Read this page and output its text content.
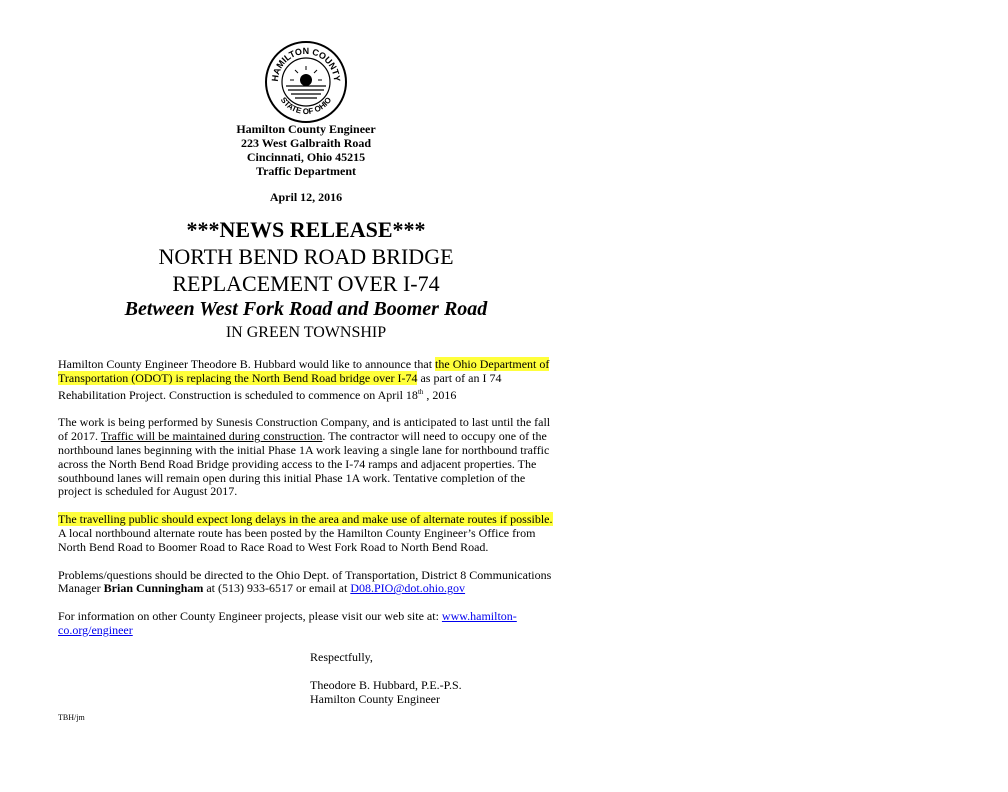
HAMILTON COUNTY
STATE OF OHIO
Hamilton County Engineer
223 West Galbraith Road
Cincinnati, Ohio 45215
Traffic Department
April 12, 2016
***NEWS RELEASE***
NORTH BEND ROAD BRIDGE
REPLACEMENT OVER I-74
Between West Fork Road and Boomer Road
IN GREEN TOWNSHIP

Hamilton County Engineer Theodore B. Hubbard would like to announce that the Ohio Department of Transportation (ODOT) is replacing the North Bend Road bridge over I-74 as part of an I 74 Rehabilitation Project. Construction is scheduled to commence on April 18th , 2016

The work is being performed by Sunesis Construction Company, and is anticipated to last until the fall of 2017. Traffic will be maintained during construction. The contractor will need to occupy one of the northbound lanes beginning with the initial Phase 1A work leaving a single lane for northbound traffic across the North Bend Road Bridge providing access to the I-74 ramps and adjacent properties. The southbound lanes will remain open during this initial Phase 1A work. Tentative completion of the project is scheduled for August 2017.

The travelling public should expect long delays in the area and make use of alternate routes if possible. A local northbound alternate route has been posted by the Hamilton County Engineer’s Office from North Bend Road to Boomer Road to Race Road to West Fork Road to North Bend Road.

Problems/questions should be directed to the Ohio Dept. of Transportation, District 8 Communications Manager Brian Cunningham at (513) 933-6517 or email at D08.PIO@dot.ohio.gov

For information on other County Engineer projects, please visit our web site at: www.hamilton-co.org/engineer

Respectfully,
Theodore B. Hubbard, P.E.-P.S.
Hamilton County Engineer
TBH/jm
